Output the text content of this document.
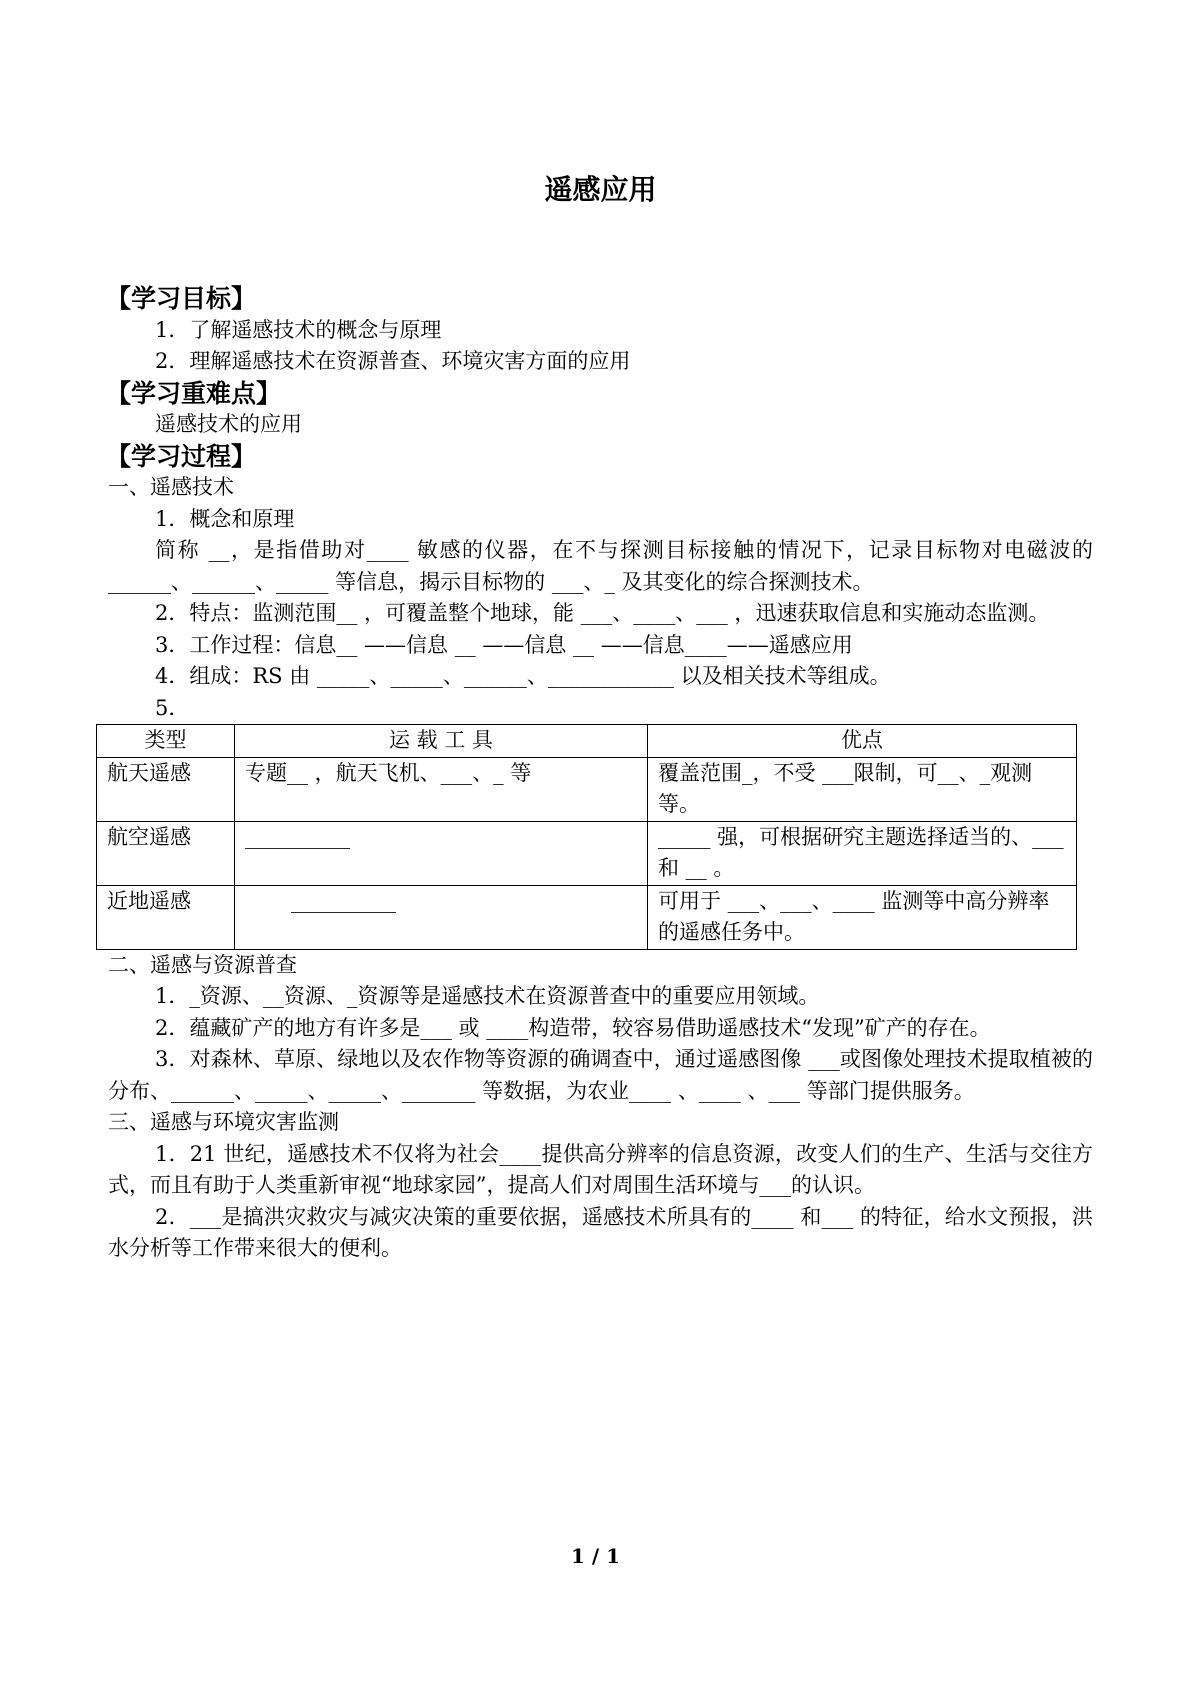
遥感应用
【学习目标】

1．了解遥感技术的概念与原理

2．理解遥感技术在资源普查、环境灾害方面的应用

【学习重难点】

遥感技术的应用

【学习过程】

一、遥感技术

1．概念和原理

简称 __，是指借助对____ 敏感的仪器，在不与探测目标接触的情况下，记录目标物对电磁波的 ______、______、_____ 等信息，揭示目标物的 ___、_ 及其变化的综合探测技术。

2．特点：监测范围__ ，可覆盖整个地球，能 ___、____、___ ，迅速获取信息和实施动态监测。

3．工作过程：信息__ ——信息 __ ——信息 __ ——信息____——遥感应用

4．组成：RS 由 _____、_____、______、____________ 以及相关技术等组成。

5．

类型	运 载 工 具	优点
航天遥感	专题__ ，航天飞机、___、_ 等	覆盖范围_，不受 ___限制，可__、_观测等。
航空遥感	__________	_____ 强，可根据研究主题选择适当的、___和 __ 。
近地遥感	__________	可用于 ___、___、____ 监测等中高分辨率的遥感任务中。

二、遥感与资源普查

1．_资源、__资源、_资源等是遥感技术在资源普查中的重要应用领域。

2．蕴藏矿产的地方有许多是___ 或 ____构造带，较容易借助遥感技术“发现”矿产的存在。

3．对森林、草原、绿地以及农作物等资源的确调查中，通过遥感图像 ___或图像处理技术提取植被的分布、______、_____、_____、_______ 等数据，为农业____ 、____ 、___ 等部门提供服务。

三、遥感与环境灾害监测

1．21 世纪，遥感技术不仅将为社会____提供高分辨率的信息资源，改变人们的生产、生活与交往方式，而且有助于人类重新审视“地球家园”，提高人们对周围生活环境与___的认识。

2．___是搞洪灾救灾与减灾决策的重要依据，遥感技术所具有的____ 和___ 的特征，给水文预报，洪水分析等工作带来很大的便利。

1 / 1
